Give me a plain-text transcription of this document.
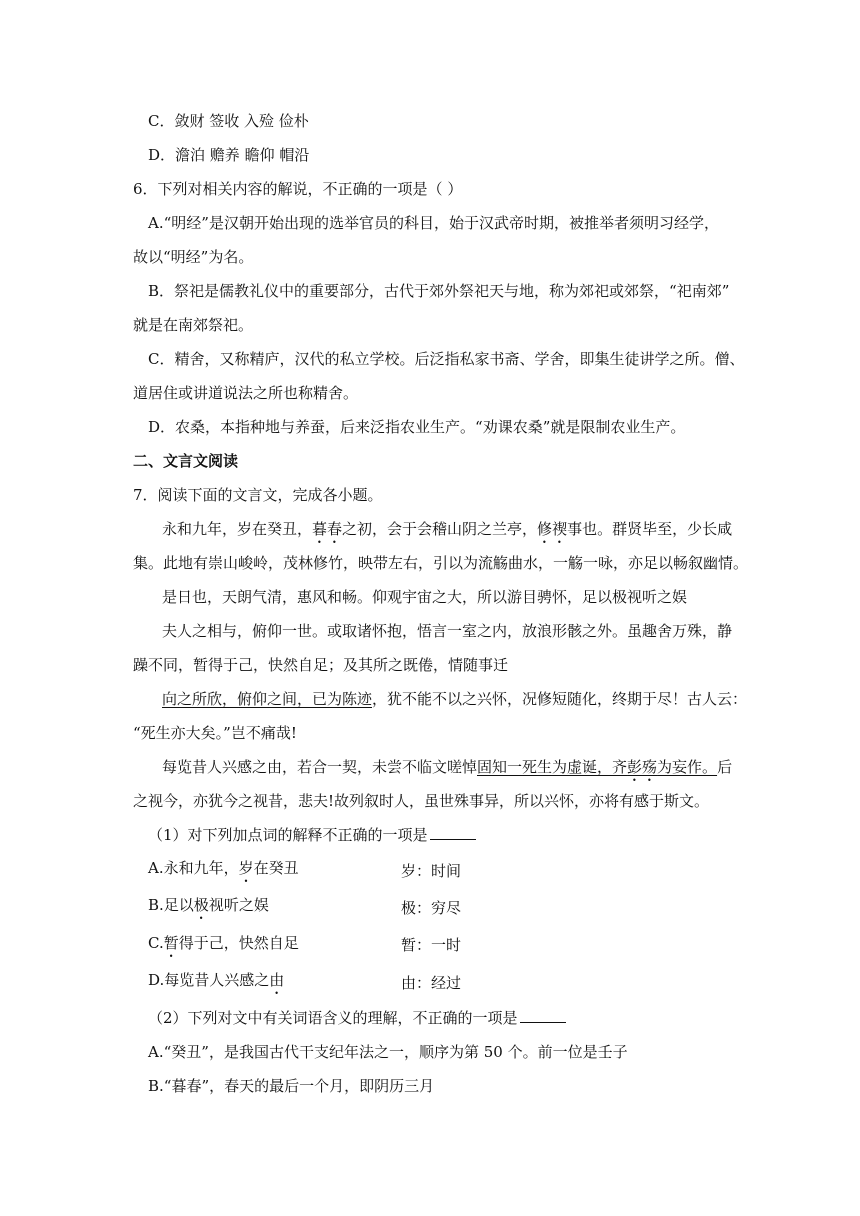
C．敛财 签收 入殓 俭朴
D．澹泊 赡养 瞻仰 帽沿
6．下列对相关内容的解说，不正确的一项是（ ）
A.“明经”是汉朝开始出现的选举官员的科目，始于汉武帝时期，被推举者须明习经学，
故以“明经”为名。
B．祭祀是儒教礼仪中的重要部分，古代于郊外祭祀天与地，称为郊祀或郊祭，“祀南郊”
就是在南郊祭祀。
C．精舍，又称精庐，汉代的私立学校。后泛指私家书斋、学舍，即集生徒讲学之所。僧、
道居住或讲道说法之所也称精舍。
D．农桑，本指种地与养蚕，后来泛指农业生产。“劝课农桑”就是限制农业生产。
二、文言文阅读
7．阅读下面的文言文，完成各小题。
永和九年，岁在癸丑，暮春之初，会于会稽山阴之兰亭，修禊事也。群贤毕至，少长咸
集。此地有崇山峻岭，茂林修竹，映带左右，引以为流觞曲水，一觞一咏，亦足以畅叙幽情。
是日也，天朗气清，惠风和畅。仰观宇宙之大，所以游目骋怀，足以极视听之娱
夫人之相与，俯仰一世。或取诸怀抱，悟言一室之内，放浪形骸之外。虽趣舍万殊，静
躁不同，暂得于己，快然自足；及其所之既倦，情随事迁
向之所欣，俯仰之间，已为陈迹，犹不能不以之兴怀，况修短随化，终期于尽！古人云：
“死生亦大矣。”岂不痛哉!
每览昔人兴感之由，若合一契，未尝不临文嗟悼固知一死生为虚诞，齐彭殇为妄作。后
之视今，亦犹今之视昔，悲夫!故列叙时人，虽世殊事异，所以兴怀，亦将有感于斯文。
（1）对下列加点词的解释不正确的一项是
A.永和九年，岁在癸丑	岁：时间
B.足以极视听之娱	极：穷尽
C.暂得于己，快然自足	暂：一时
D.每览昔人兴感之由	由：经过
（2）下列对文中有关词语含义的理解，不正确的一项是
A.“癸丑”，是我国古代干支纪年法之一，顺序为第 50 个。前一位是壬子
B.“暮春”，春天的最后一个月，即阴历三月
